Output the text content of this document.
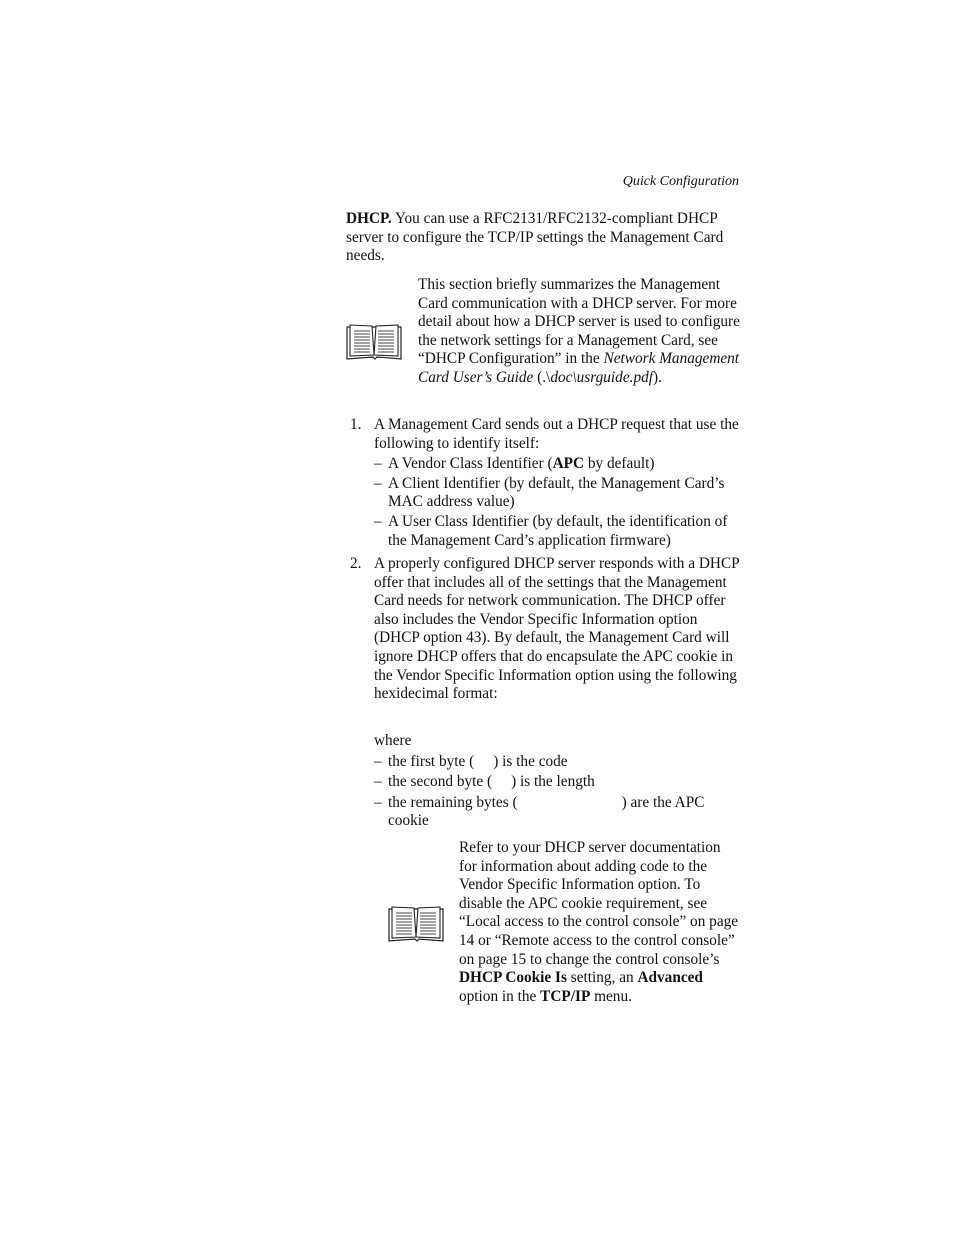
Quick Configuration
DHCP. You can use a RFC2131/RFC2132-compliant DHCP server to configure the TCP/IP settings the Management Card needs.
This section briefly summarizes the Management Card communication with a DHCP server. For more detail about how a DHCP server is used to configure the network settings for a Management Card, see “DHCP Configuration” in the Network Management Card User’s Guide (.\doc\usrguide.pdf).
1. A Management Card sends out a DHCP request that use the following to identify itself:
– A Vendor Class Identifier (APC by default)
– A Client Identifier (by default, the Management Card’s MAC address value)
– A User Class Identifier (by default, the identification of the Management Card’s application firmware)
2. A properly configured DHCP server responds with a DHCP offer that includes all of the settings that the Management Card needs for network communication. The DHCP offer also includes the Vendor Specific Information option (DHCP option 43). By default, the Management Card will ignore DHCP offers that do encapsulate the APC cookie in the Vendor Specific Information option using the following hexidecimal format:
where
– the first byte ( ) is the code
– the second byte ( ) is the length
– the remaining bytes (	) are the APC cookie
Refer to your DHCP server documentation for information about adding code to the Vendor Specific Information option. To disable the APC cookie requirement, see “Local access to the control console” on page 14 or “Remote access to the control console” on page 15 to change the control console’s DHCP Cookie Is setting, an Advanced option in the TCP/IP menu.
